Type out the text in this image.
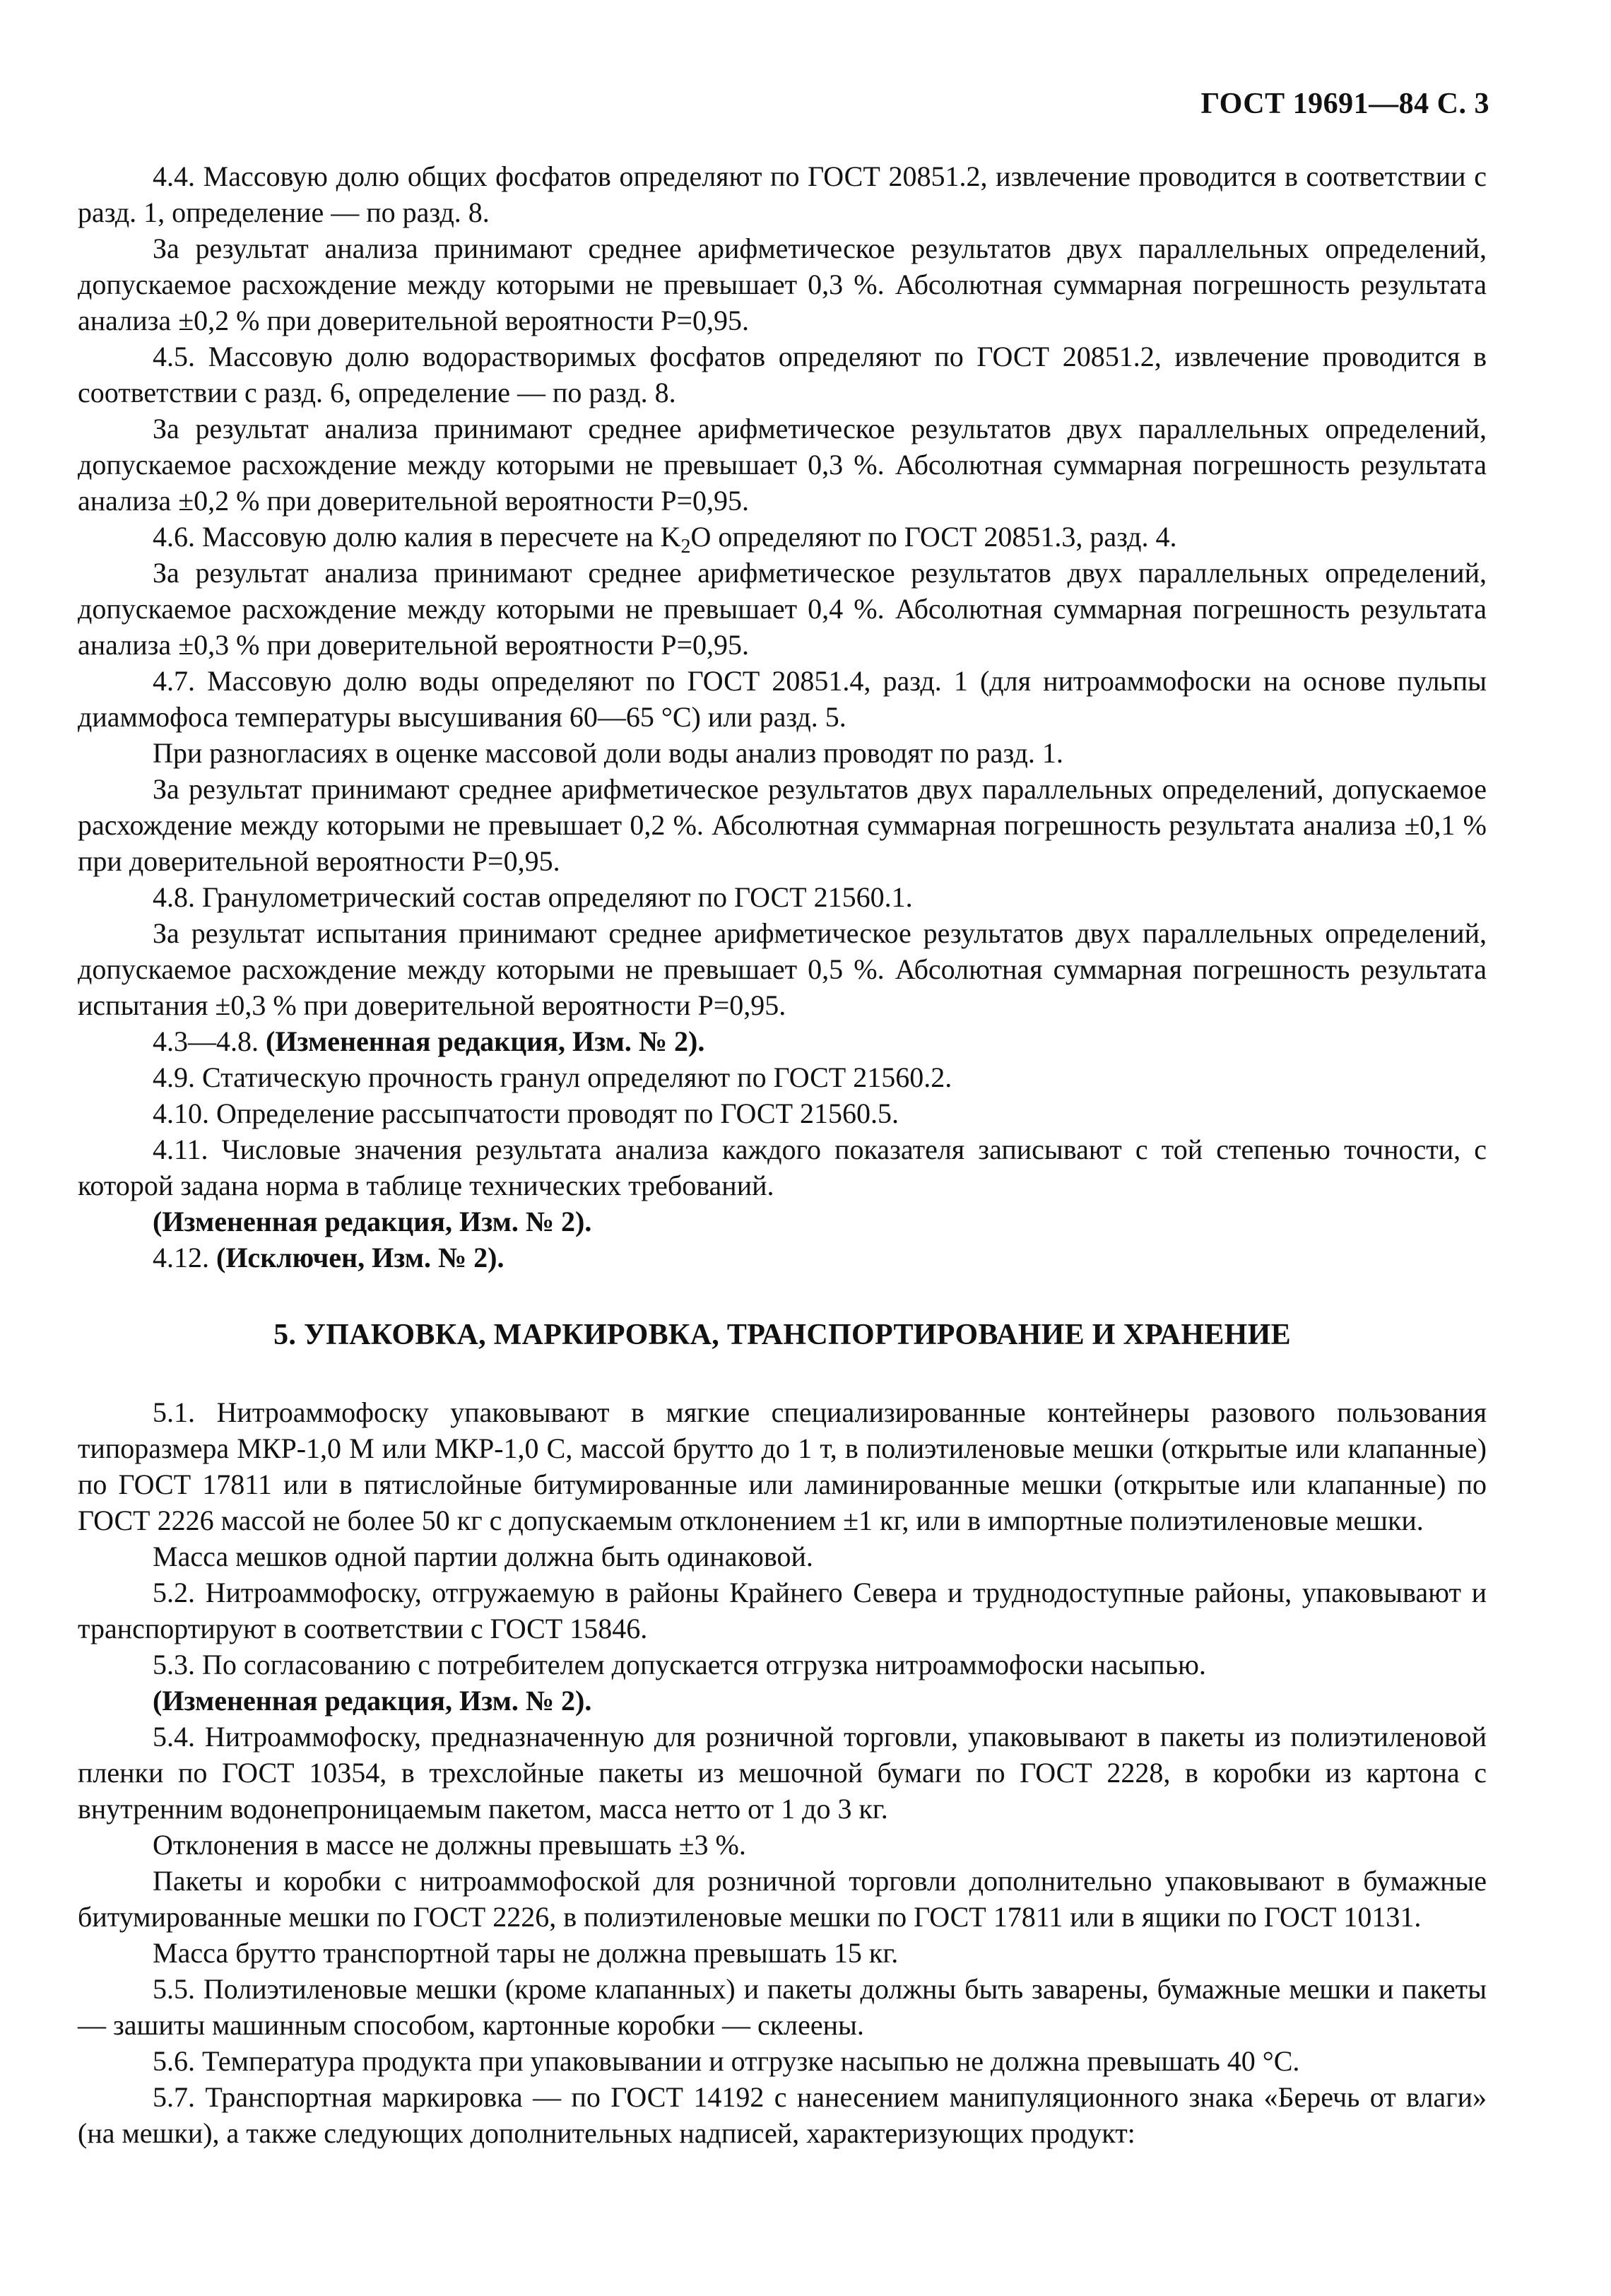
ГОСТ 19691—84 С. 3

4.4. Массовую долю общих фосфатов определяют по ГОСТ 20851.2, извлечение проводится в соответствии с разд. 1, определение — по разд. 8.

За результат анализа принимают среднее арифметическое результатов двух параллельных определений, допускаемое расхождение между которыми не превышает 0,3 %. Абсолютная суммарная погрешность результата анализа ±0,2 % при доверительной вероятности P=0,95.

4.5. Массовую долю водорастворимых фосфатов определяют по ГОСТ 20851.2, извлечение проводится в соответствии с разд. 6, определение — по разд. 8.

За результат анализа принимают среднее арифметическое результатов двух параллельных определений, допускаемое расхождение между которыми не превышает 0,3 %. Абсолютная суммарная погрешность результата анализа ±0,2 % при доверительной вероятности P=0,95.

4.6. Массовую долю калия в пересчете на $K_2O$ определяют по ГОСТ 20851.3, разд. 4.

За результат анализа принимают среднее арифметическое результатов двух параллельных определений, допускаемое расхождение между которыми не превышает 0,4 %. Абсолютная суммарная погрешность результата анализа ±0,3 % при доверительной вероятности P=0,95.

4.7. Массовую долю воды определяют по ГОСТ 20851.4, разд. 1 (для нитроаммофоски на основе пульпы диаммофоса температуры высушивания 60—65 °С) или разд. 5.

При разногласиях в оценке массовой доли воды анализ проводят по разд. 1.

За результат принимают среднее арифметическое результатов двух параллельных определений, допускаемое расхождение между которыми не превышает 0,2 %. Абсолютная суммарная погрешность результата анализа ±0,1 % при доверительной вероятности P=0,95.

4.8. Гранулометрический состав определяют по ГОСТ 21560.1.

За результат испытания принимают среднее арифметическое результатов двух параллельных определений, допускаемое расхождение между которыми не превышает 0,5 %. Абсолютная суммарная погрешность результата испытания ±0,3 % при доверительной вероятности P=0,95.

4.3—4.8. (Измененная редакция, Изм. № 2).

4.9. Статическую прочность гранул определяют по ГОСТ 21560.2.

4.10. Определение рассыпчатости проводят по ГОСТ 21560.5.

4.11. Числовые значения результата анализа каждого показателя записывают с той степенью точности, с которой задана норма в таблице технических требований.

(Измененная редакция, Изм. № 2).

4.12. (Исключен, Изм. № 2).

5. УПАКОВКА, МАРКИРОВКА, ТРАНСПОРТИРОВАНИЕ И ХРАНЕНИЕ

5.1. Нитроаммофоску упаковывают в мягкие специализированные контейнеры разового пользования типоразмера МКР-1,0 М или МКР-1,0 С, массой брутто до 1 т, в полиэтиленовые мешки (открытые или клапанные) по ГОСТ 17811 или в пятислойные битумированные или ламинированные мешки (открытые или клапанные) по ГОСТ 2226 массой не более 50 кг с допускаемым отклонением ±1 кг, или в импортные полиэтиленовые мешки.

Масса мешков одной партии должна быть одинаковой.

5.2. Нитроаммофоску, отгружаемую в районы Крайнего Севера и труднодоступные районы, упаковывают и транспортируют в соответствии с ГОСТ 15846.

5.3. По согласованию с потребителем допускается отгрузка нитроаммофоски насыпью.

(Измененная редакция, Изм. № 2).

5.4. Нитроаммофоску, предназначенную для розничной торговли, упаковывают в пакеты из полиэтиленовой пленки по ГОСТ 10354, в трехслойные пакеты из мешочной бумаги по ГОСТ 2228, в коробки из картона с внутренним водонепроницаемым пакетом, масса нетто от 1 до 3 кг.

Отклонения в массе не должны превышать ±3 %.

Пакеты и коробки с нитроаммофоской для розничной торговли дополнительно упаковывают в бумажные битумированные мешки по ГОСТ 2226, в полиэтиленовые мешки по ГОСТ 17811 или в ящики по ГОСТ 10131.

Масса брутто транспортной тары не должна превышать 15 кг.

5.5. Полиэтиленовые мешки (кроме клапанных) и пакеты должны быть заварены, бумажные мешки и пакеты — зашиты машинным способом, картонные коробки — склеены.

5.6. Температура продукта при упаковывании и отгрузке насыпью не должна превышать 40 °С.

5.7. Транспортная маркировка — по ГОСТ 14192 с нанесением манипуляционного знака «Беречь от влаги» (на мешки), а также следующих дополнительных надписей, характеризующих продукт:
